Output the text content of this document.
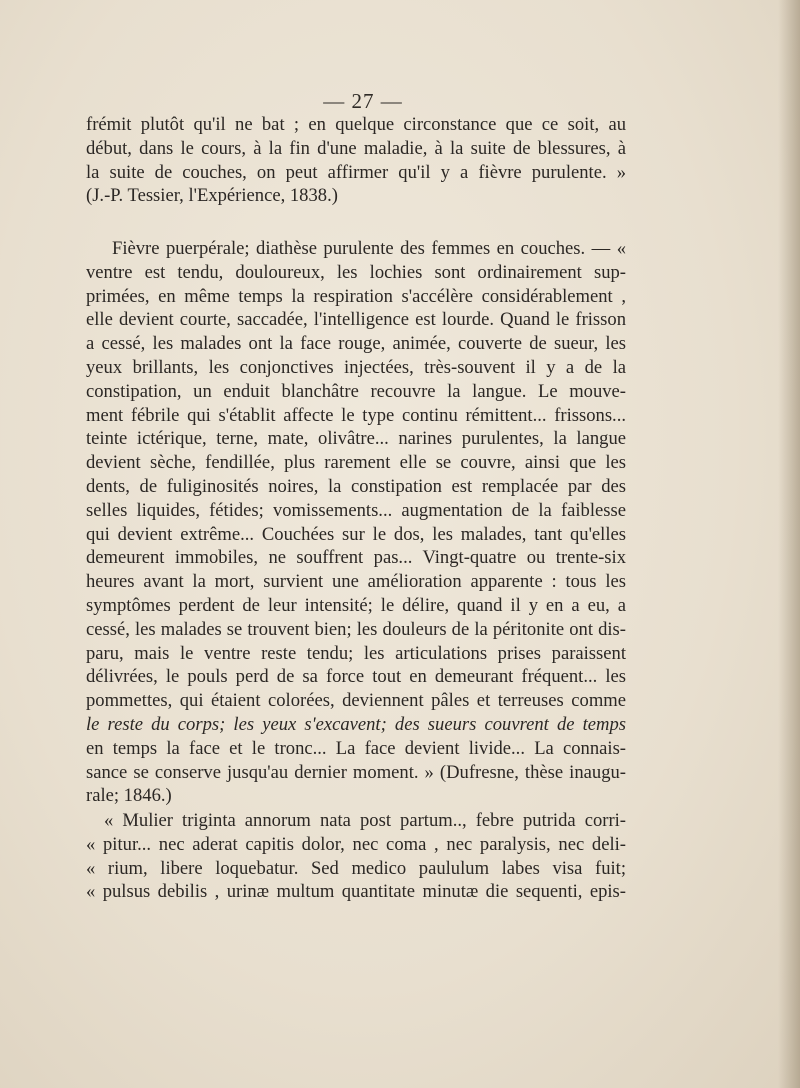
— 27 —
frémit plutôt qu'il ne bat ; en quelque circonstance que ce soit, au
début, dans le cours, à la fin d'une maladie, à la suite de blessures, à
la suite de couches, on peut affirmer qu'il y a fièvre purulente. »
(J.-P. Tessier, l'Expérience, 1838.)
Fièvre puerpérale; diathèse purulente des femmes en couches. — «
ventre est tendu, douloureux, les lochies sont ordinairement sup-
primées, en même temps la respiration s'accélère considérablement ,
elle devient courte, saccadée, l'intelligence est lourde. Quand le frisson
a cessé, les malades ont la face rouge, animée, couverte de sueur, les
yeux brillants, les conjonctives injectées, très-souvent il y a de la
constipation, un enduit blanchâtre recouvre la langue. Le mouve-
ment fébrile qui s'établit affecte le type continu rémittent... frissons...
teinte ictérique, terne, mate, olivâtre... narines purulentes, la langue
devient sèche, fendillée, plus rarement elle se couvre, ainsi que les
dents, de fuliginosités noires, la constipation est remplacée par des
selles liquides, fétides; vomissements... augmentation de la faiblesse
qui devient extrême... Couchées sur le dos, les malades, tant qu'elles
demeurent immobiles, ne souffrent pas... Vingt-quatre ou trente-six
heures avant la mort, survient une amélioration apparente : tous les
symptômes perdent de leur intensité; le délire, quand il y en a eu, a
cessé, les malades se trouvent bien; les douleurs de la péritonite ont dis-
paru, mais le ventre reste tendu; les articulations prises paraissent
délivrées, le pouls perd de sa force tout en demeurant fréquent... les
pommettes, qui étaient colorées, deviennent pâles et terreuses comme
le reste du corps; les yeux s'excavent; des sueurs couvrent de temps
en temps la face et le tronc... La face devient livide... La connais-
sance se conserve jusqu'au dernier moment. » (Dufresne, thèse inaugu-
rale; 1846.)
« Mulier triginta annorum nata post partum.., febre putrida corri-
« pitur... nec aderat capitis dolor, nec coma , nec paralysis, nec deli-
« rium, libere loquebatur. Sed medico paululum labes visa fuit;
« pulsus debilis , urinæ multum quantitate minutæ die sequenti, epis-
